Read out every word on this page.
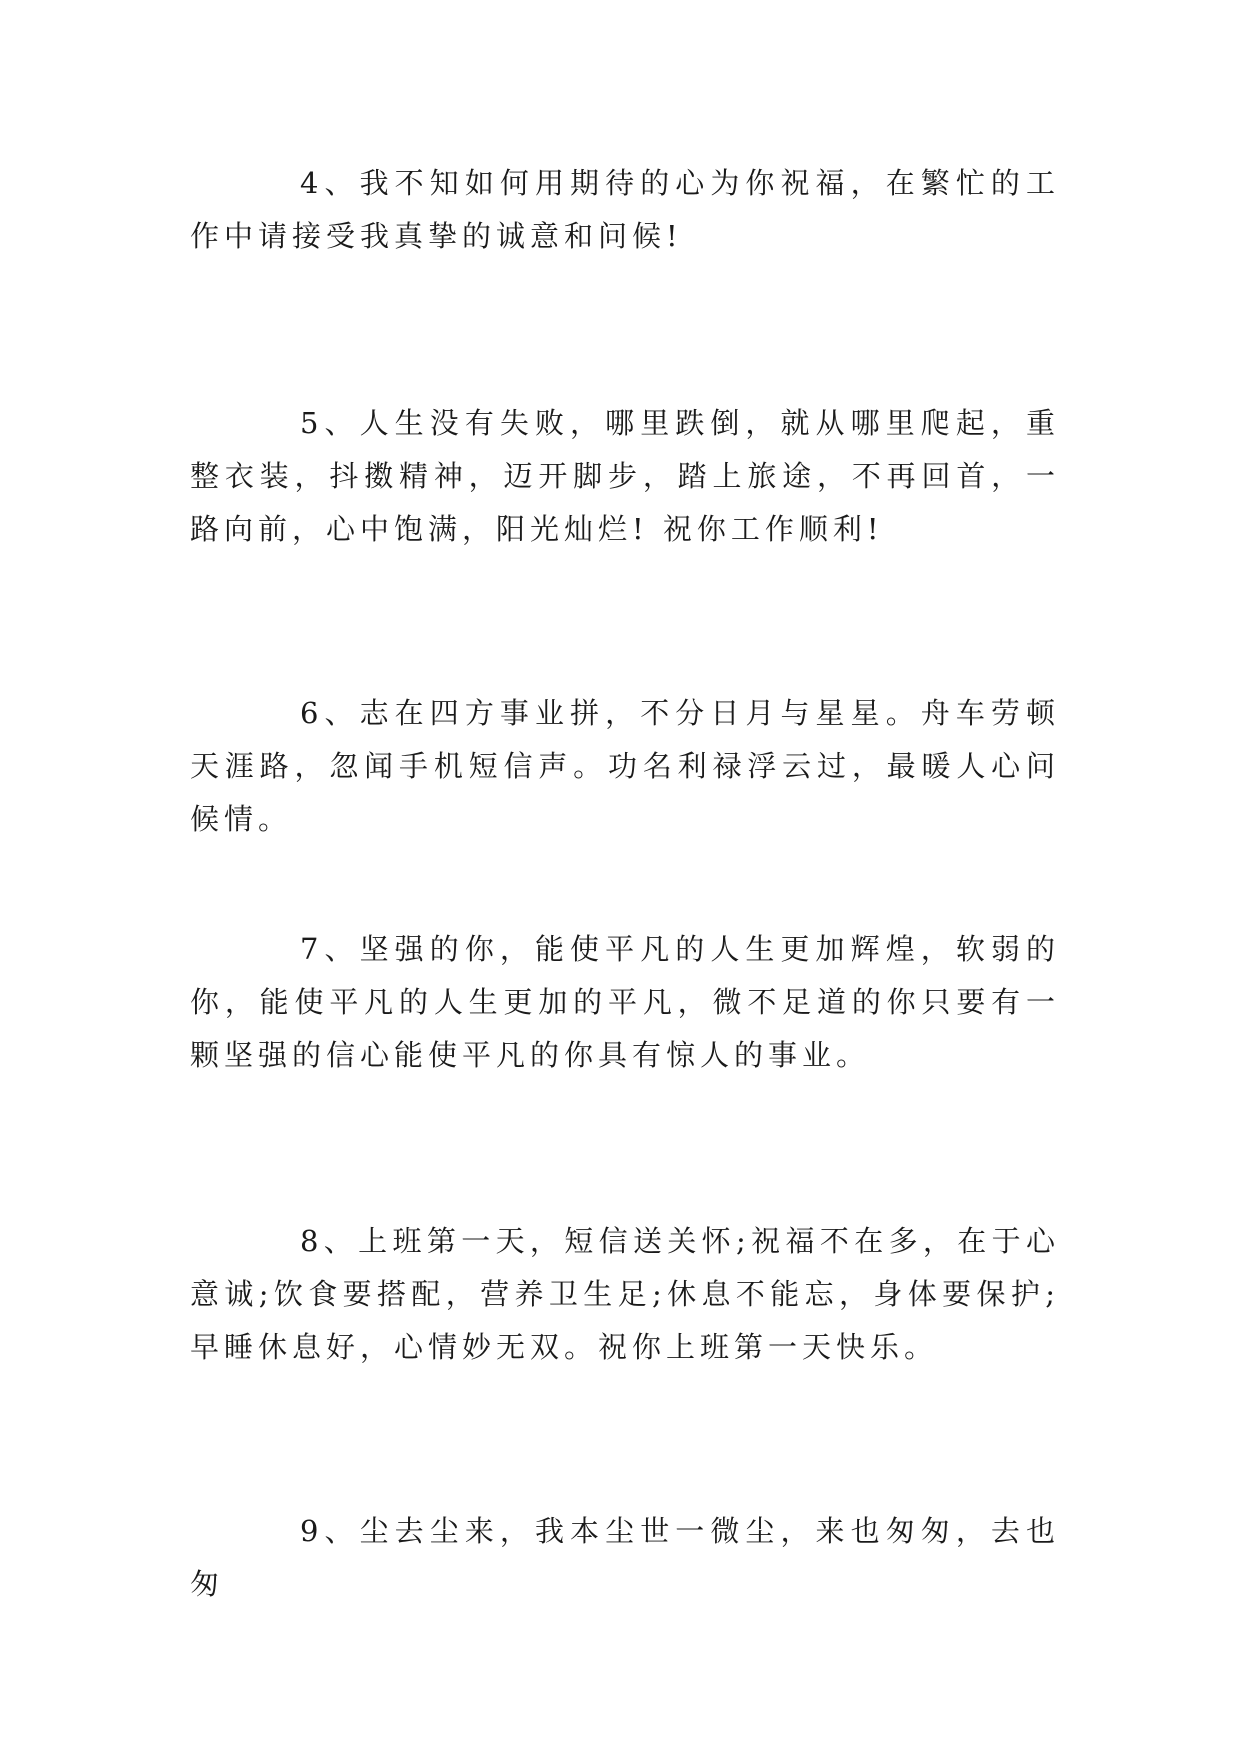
4、我不知如何用期待的心为你祝福，在繁忙的工作中请接受我真挚的诚意和问候!

5、人生没有失败，哪里跌倒，就从哪里爬起，重整衣装，抖擞精神，迈开脚步，踏上旅途，不再回首，一路向前，心中饱满，阳光灿烂! 祝你工作顺利!

6、志在四方事业拼，不分日月与星星。舟车劳顿天涯路，忽闻手机短信声。功名利禄浮云过，最暖人心问候情。

7、坚强的你，能使平凡的人生更加辉煌，软弱的你，能使平凡的人生更加的平凡，微不足道的你只要有一颗坚强的信心能使平凡的你具有惊人的事业。

8、上班第一天，短信送关怀;祝福不在多，在于心意诚;饮食要搭配，营养卫生足;休息不能忘，身体要保护;早睡休息好，心情妙无双。祝你上班第一天快乐。

9、尘去尘来，我本尘世一微尘，来也匆匆，去也匆
